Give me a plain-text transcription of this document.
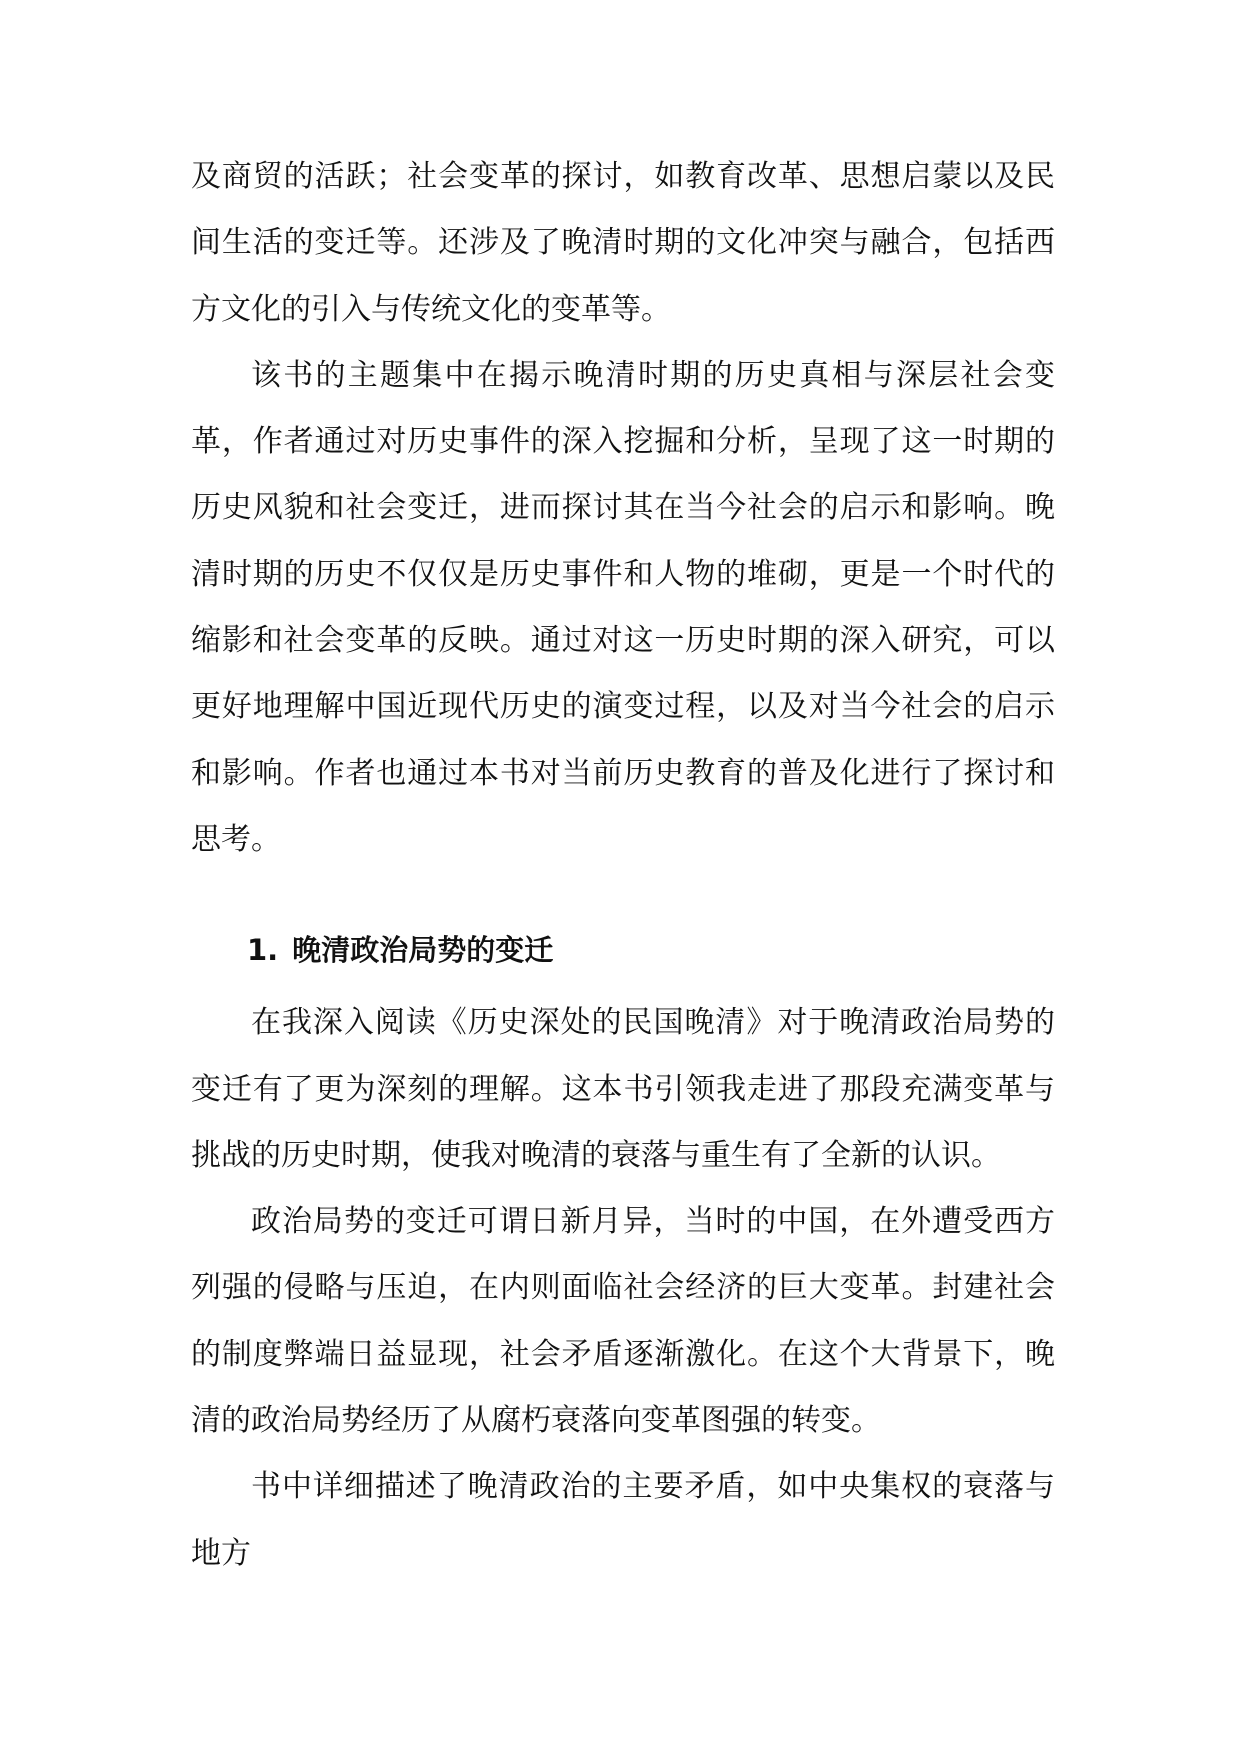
及商贸的活跃；社会变革的探讨，如教育改革、思想启蒙以及民间生活的变迁等。还涉及了晚清时期的文化冲突与融合，包括西方文化的引入与传统文化的变革等。

该书的主题集中在揭示晚清时期的历史真相与深层社会变革，作者通过对历史事件的深入挖掘和分析，呈现了这一时期的历史风貌和社会变迁，进而探讨其在当今社会的启示和影响。晚清时期的历史不仅仅是历史事件和人物的堆砌，更是一个时代的缩影和社会变革的反映。通过对这一历史时期的深入研究，可以更好地理解中国近现代历史的演变过程，以及对当今社会的启示和影响。作者也通过本书对当前历史教育的普及化进行了探讨和思考。

1. 晚清政治局势的变迁

在我深入阅读《历史深处的民国晚清》对于晚清政治局势的变迁有了更为深刻的理解。这本书引领我走进了那段充满变革与挑战的历史时期，使我对晚清的衰落与重生有了全新的认识。

政治局势的变迁可谓日新月异，当时的中国，在外遭受西方列强的侵略与压迫，在内则面临社会经济的巨大变革。封建社会的制度弊端日益显现，社会矛盾逐渐激化。在这个大背景下，晚清的政治局势经历了从腐朽衰落向变革图强的转变。

书中详细描述了晚清政治的主要矛盾，如中央集权的衰落与地方
